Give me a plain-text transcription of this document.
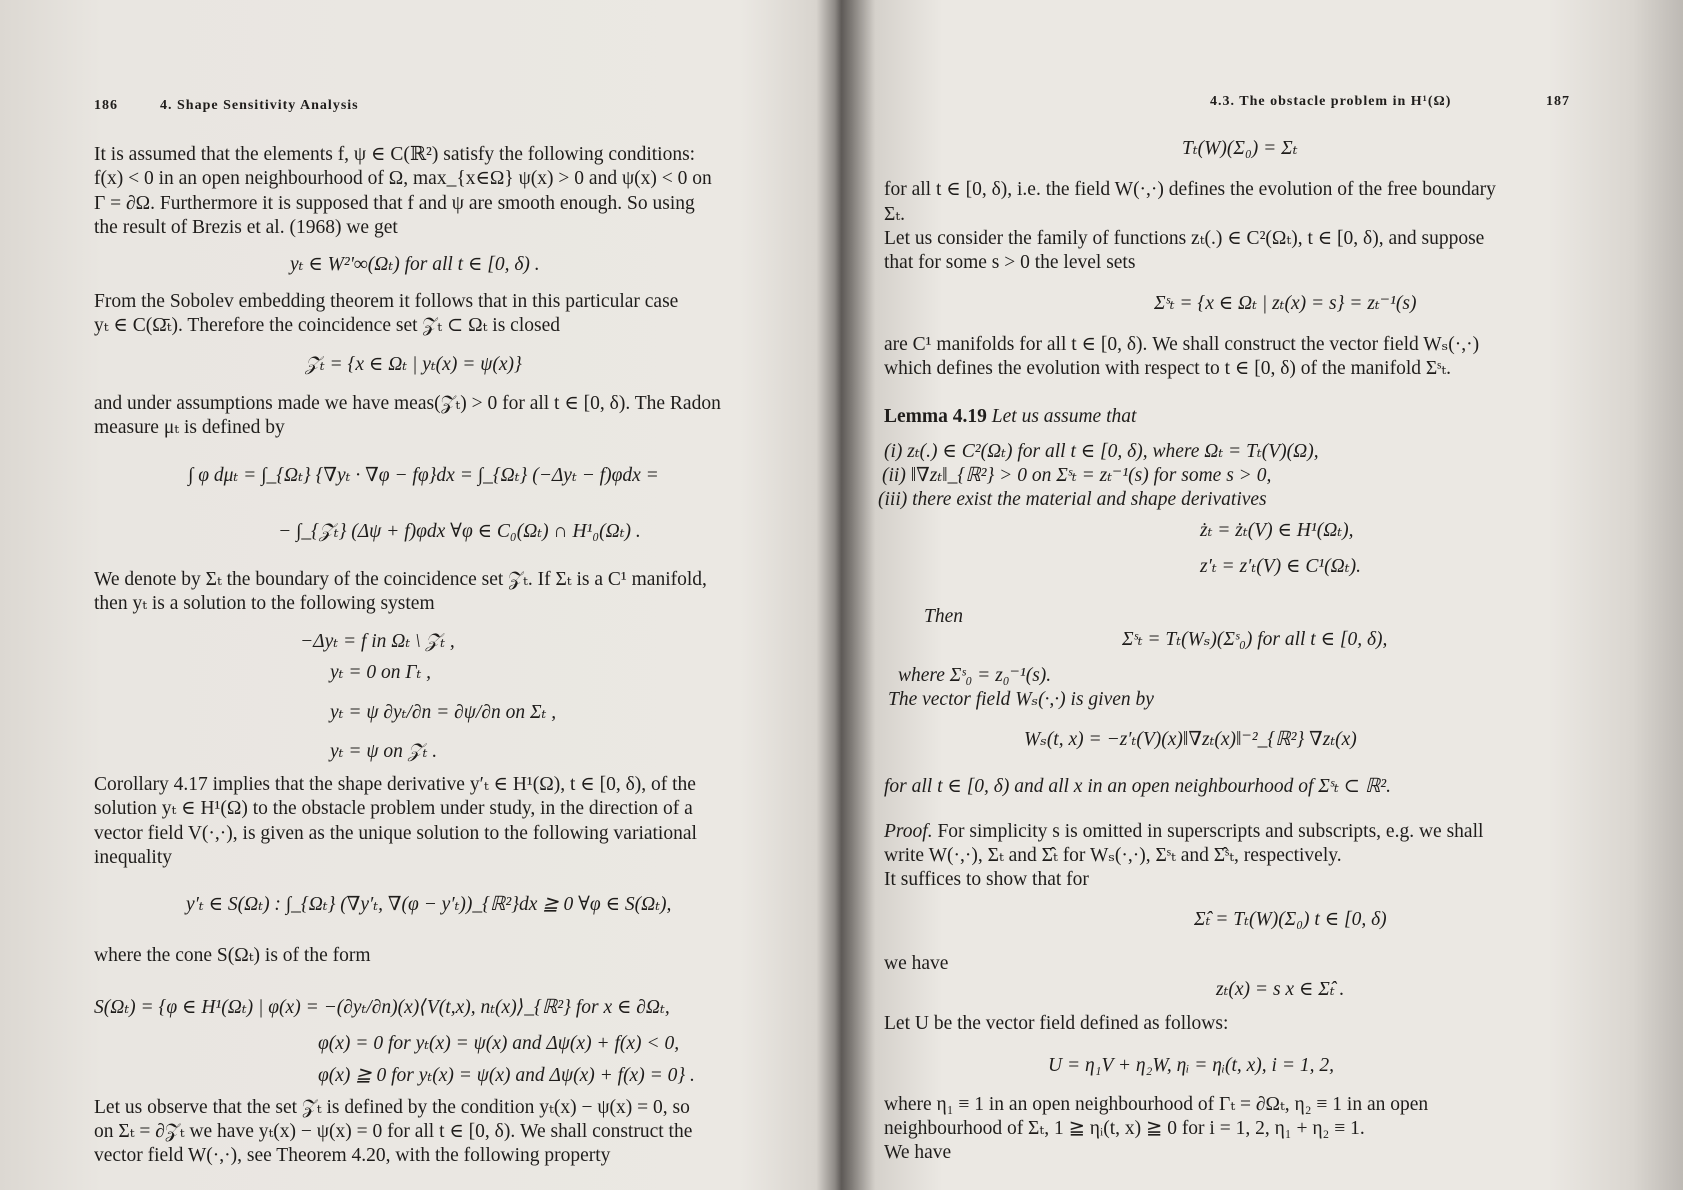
186	4. Shape Sensitivity Analysis
It is assumed that the elements f, ψ ∈ C(ℝ²) satisfy the following conditions:
f(x) < 0 in an open neighbourhood of Ω, max_{x∈Ω} ψ(x) > 0 and ψ(x) < 0 on
Γ = ∂Ω. Furthermore it is supposed that f and ψ are smooth enough. So using
the result of Brezis et al. (1968) we get
yₜ ∈ W²'∞(Ωₜ) for all t ∈ [0, δ) .
From the Sobolev embedding theorem it follows that in this particular case
yₜ ∈ C(Ω̄ₜ). Therefore the coincidence set 𝒵ₜ ⊂ Ωₜ is closed
𝒵ₜ = {x ∈ Ωₜ | yₜ(x) = ψ(x)}
and under assumptions made we have meas(𝒵ₜ) > 0 for all t ∈ [0, δ). The Radon
measure μₜ is defined by
∫ φ dμₜ = ∫_{Ωₜ} {∇yₜ · ∇φ − fφ}dx = ∫_{Ωₜ} (−Δyₜ − f)φdx =
− ∫_{𝒵ₜ} (Δψ + f)φdx ∀φ ∈ C₀(Ωₜ) ∩ H¹₀(Ωₜ) .
We denote by Σₜ the boundary of the coincidence set 𝒵ₜ. If Σₜ is a C¹ manifold,
then yₜ is a solution to the following system
−Δyₜ = f in Ωₜ \ 𝒵ₜ ,
yₜ = 0 on Γₜ ,
yₜ = ψ ∂yₜ/∂n = ∂ψ/∂n on Σₜ ,
yₜ = ψ on 𝒵ₜ .
Corollary 4.17 implies that the shape derivative y′ₜ ∈ H¹(Ω), t ∈ [0, δ), of the
solution yₜ ∈ H¹(Ω) to the obstacle problem under study, in the direction of a
vector field V(·,·), is given as the unique solution to the following variational
inequality
y′ₜ ∈ S(Ωₜ) : ∫_{Ωₜ} (∇y′ₜ, ∇(φ − y′ₜ))_{ℝ²}dx ≧ 0 ∀φ ∈ S(Ωₜ),
where the cone S(Ωₜ) is of the form
S(Ωₜ) = {φ ∈ H¹(Ωₜ) | φ(x) = −(∂yₜ/∂n)(x)⟨V(t,x), nₜ(x)⟩_{ℝ²} for x ∈ ∂Ωₜ,
φ(x) = 0 for yₜ(x) = ψ(x) and Δψ(x) + f(x) < 0,
φ(x) ≧ 0 for yₜ(x) = ψ(x) and Δψ(x) + f(x) = 0} .
Let us observe that the set 𝒵ₜ is defined by the condition yₜ(x) − ψ(x) = 0, so
on Σₜ = ∂𝒵ₜ we have yₜ(x) − ψ(x) = 0 for all t ∈ [0, δ). We shall construct the
vector field W(·,·), see Theorem 4.20, with the following property
4.3. The obstacle problem in H¹(Ω)	187
Tₜ(W)(Σ₀) = Σₜ
for all t ∈ [0, δ), i.e. the field W(·,·) defines the evolution of the free boundary
Σₜ.
Let us consider the family of functions zₜ(.) ∈ C²(Ωₜ), t ∈ [0, δ), and suppose
that for some s > 0 the level sets
Σˢₜ = {x ∈ Ωₜ | zₜ(x) = s} = zₜ⁻¹(s)
are C¹ manifolds for all t ∈ [0, δ). We shall construct the vector field Wₛ(·,·)
which defines the evolution with respect to t ∈ [0, δ) of the manifold Σˢₜ.
Lemma 4.19 Let us assume that
(i) zₜ(.) ∈ C²(Ωₜ) for all t ∈ [0, δ), where Ωₜ = Tₜ(V)(Ω),
(ii) ‖∇zₜ‖_{ℝ²} > 0 on Σˢₜ = zₜ⁻¹(s) for some s > 0,
(iii) there exist the material and shape derivatives
żₜ = żₜ(V) ∈ H¹(Ωₜ),
z′ₜ = z′ₜ(V) ∈ C¹(Ωₜ).
Then
Σˢₜ = Tₜ(Wₛ)(Σˢ₀) for all t ∈ [0, δ),
where Σˢ₀ = z₀⁻¹(s).
The vector field Wₛ(·,·) is given by
Wₛ(t, x) = −z′ₜ(V)(x)‖∇zₜ(x)‖⁻²_{ℝ²} ∇zₜ(x)
for all t ∈ [0, δ) and all x in an open neighbourhood of Σˢₜ ⊂ ℝ².
Proof. For simplicity s is omitted in superscripts and subscripts, e.g. we shall
write W(·,·), Σₜ and Σ̂ₜ for Wₛ(·,·), Σˢₜ and Σ̂ˢₜ, respectively.
It suffices to show that for
Σ̂ₜ = Tₜ(W)(Σ₀) t ∈ [0, δ)
we have
zₜ(x) = s x ∈ Σ̂ₜ .
Let U be the vector field defined as follows:
U = η₁V + η₂W, ηᵢ = ηᵢ(t, x), i = 1, 2,
where η₁ ≡ 1 in an open neighbourhood of Γₜ = ∂Ωₜ, η₂ ≡ 1 in an open
neighbourhood of Σₜ, 1 ≧ ηᵢ(t, x) ≧ 0 for i = 1, 2, η₁ + η₂ ≡ 1.
We have
